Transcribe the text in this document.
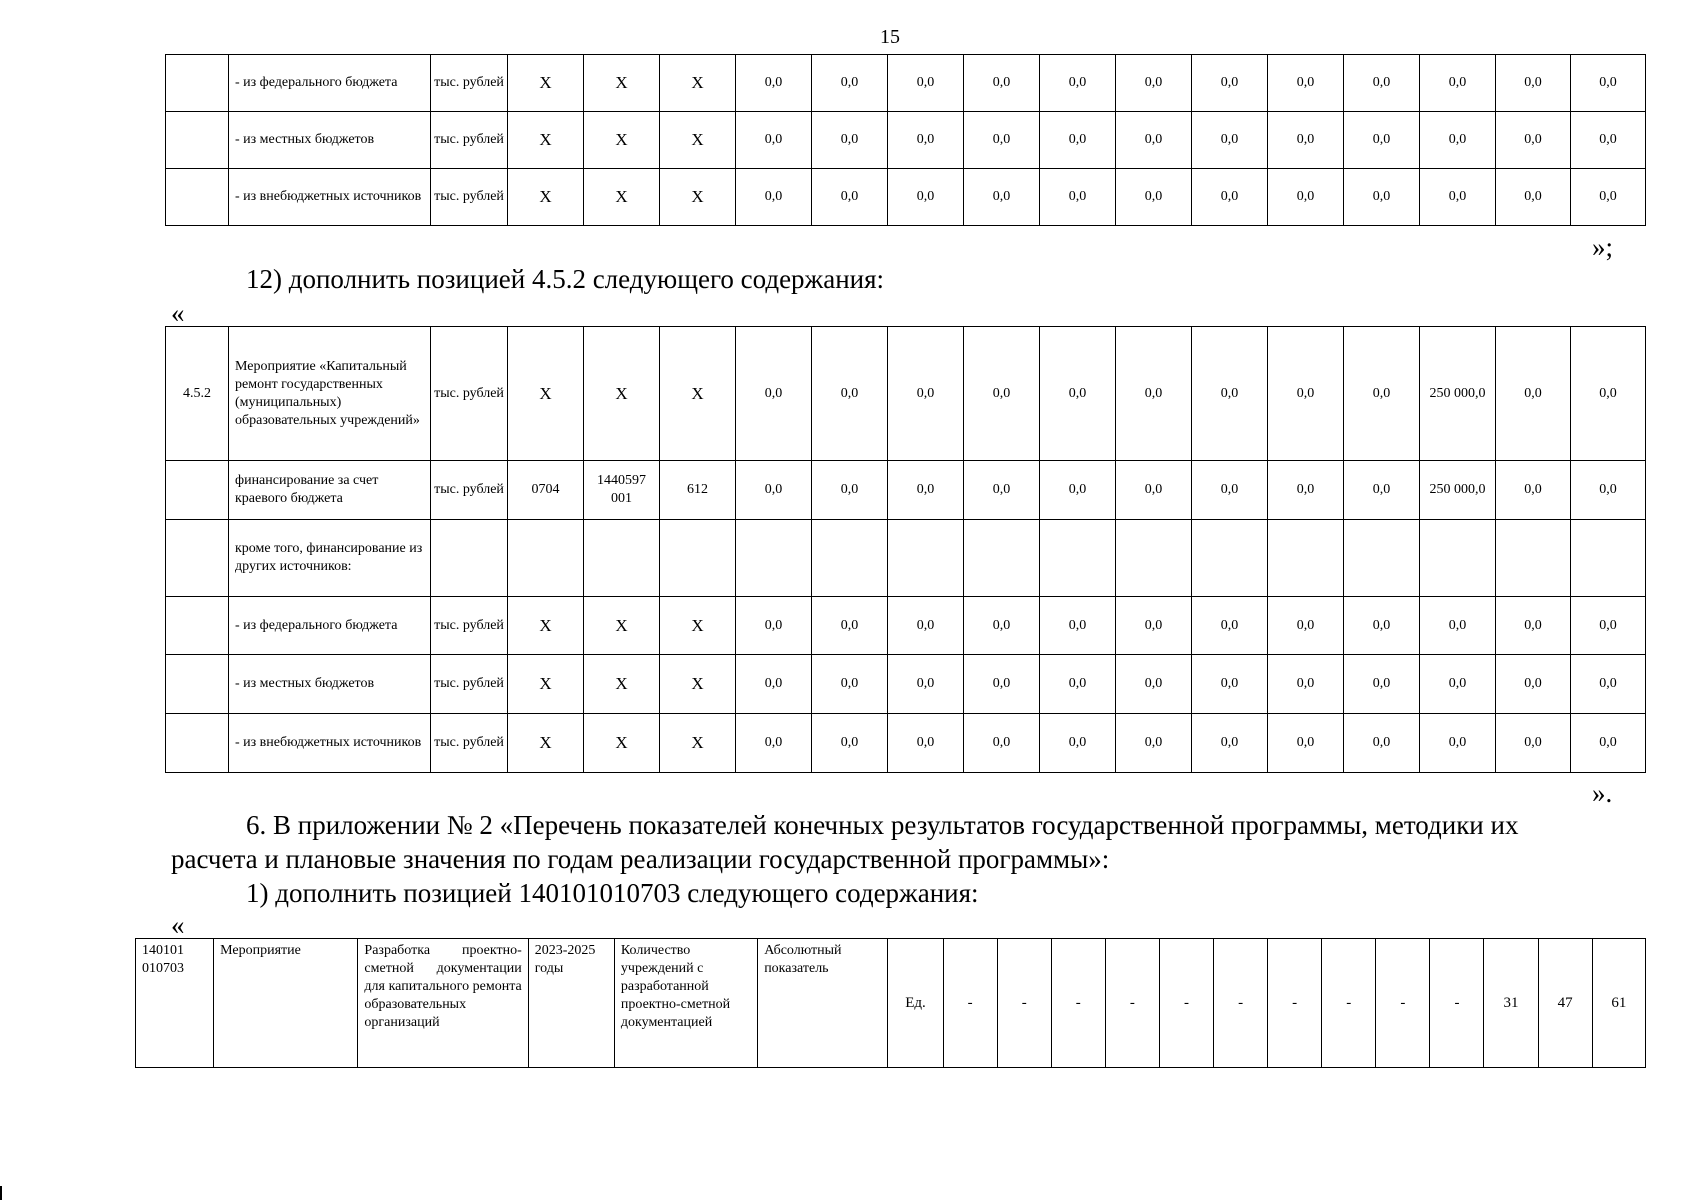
15
	- из федерального бюджета	тыс. рублей	Х	Х	Х	0,0	0,0	0,0	0,0	0,0	0,0	0,0	0,0	0,0	0,0	0,0	0,0
	- из местных бюджетов	тыс. рублей	Х	Х	Х	0,0	0,0	0,0	0,0	0,0	0,0	0,0	0,0	0,0	0,0	0,0	0,0
	- из внебюджетных источников	тыс. рублей	Х	Х	Х	0,0	0,0	0,0	0,0	0,0	0,0	0,0	0,0	0,0	0,0	0,0	0,0
»;
12) дополнить позицией 4.5.2 следующего содержания:
«
4.5.2	Мероприятие «Капитальный ремонт государственных (муниципальных) образовательных учреждений»	тыс. рублей	Х	Х	Х	0,0	0,0	0,0	0,0	0,0	0,0	0,0	0,0	0,0	250 000,0	0,0	0,0
	финансирование за счет краевого бюджета	тыс. рублей	0704	1440597 001	612	0,0	0,0	0,0	0,0	0,0	0,0	0,0	0,0	0,0	250 000,0	0,0	0,0
	кроме того, финансирование из других источников:																
	- из федерального бюджета	тыс. рублей	Х	Х	Х	0,0	0,0	0,0	0,0	0,0	0,0	0,0	0,0	0,0	0,0	0,0	0,0
	- из местных бюджетов	тыс. рублей	Х	Х	Х	0,0	0,0	0,0	0,0	0,0	0,0	0,0	0,0	0,0	0,0	0,0	0,0
	- из внебюджетных источников	тыс. рублей	Х	Х	Х	0,0	0,0	0,0	0,0	0,0	0,0	0,0	0,0	0,0	0,0	0,0	0,0
».
6. В приложении № 2 «Перечень показателей конечных результатов государственной программы, методики их
расчета и плановые значения по годам реализации государственной программы»:
1) дополнить позицией 140101010703 следующего содержания:
«
140101 010703	Мероприятие	Разработка проектно-сметной документации для капитального ремонта образовательных организаций	2023-2025 годы	Количество учреждений с разработанной проектно-сметной документацией	Абсолютный показатель	Ед.	-	-	-	-	-	-	-	-	-	-	31	47	61
